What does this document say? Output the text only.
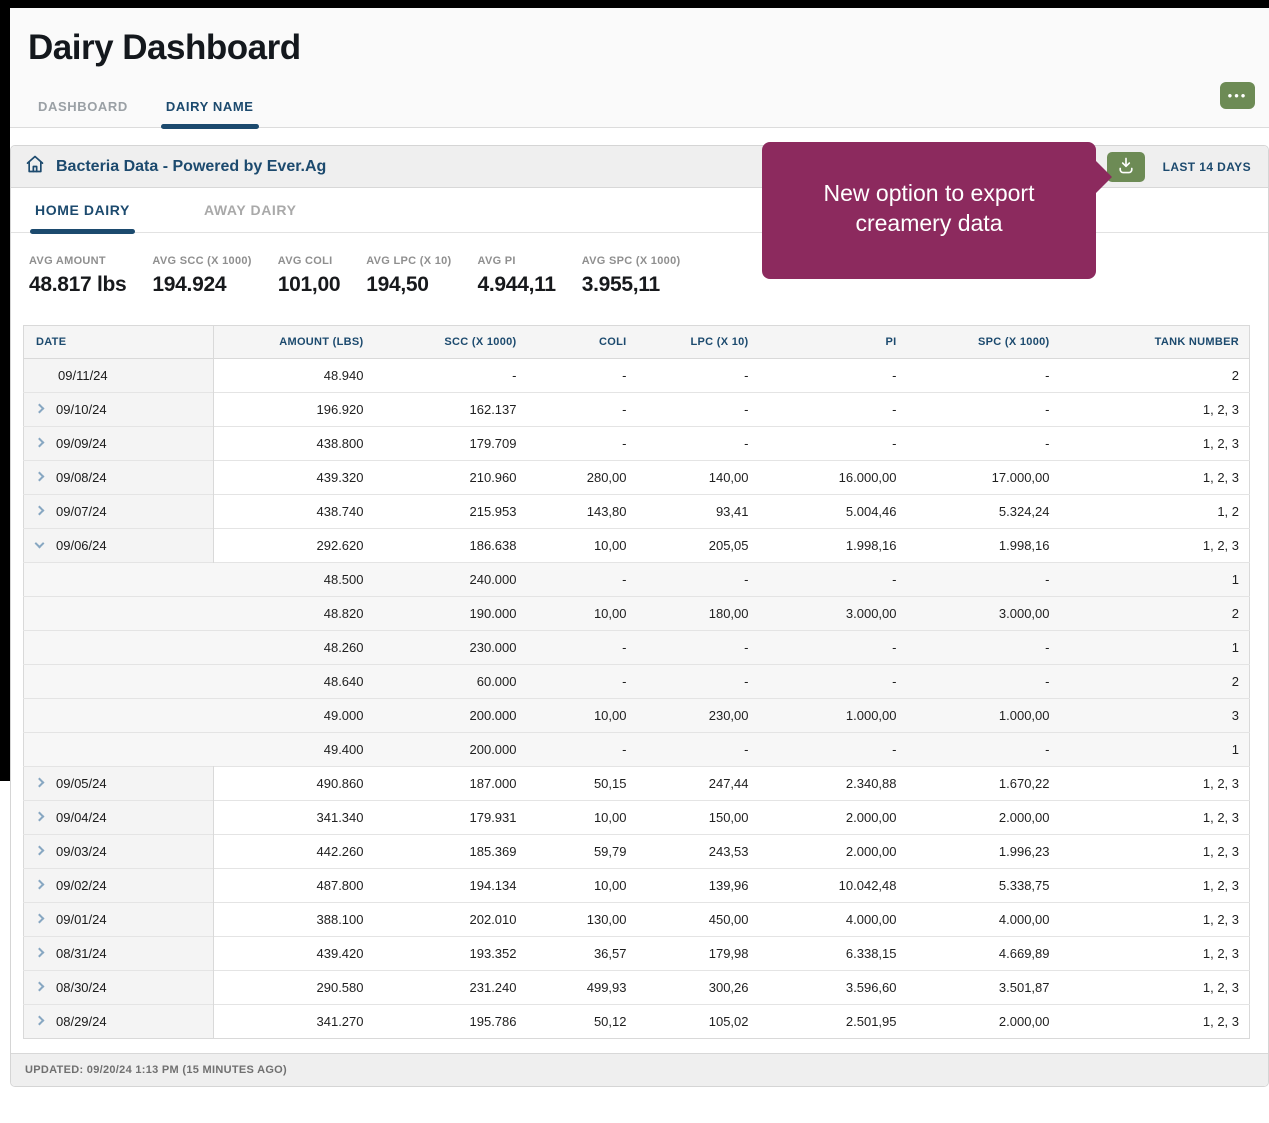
Dairy Dashboard
DASHBOARD	DAIRY NAME
•••
Bacteria Data - Powered by Ever.Ag	LAST 14 DAYS
HOME DAIRY	AWAY DAIRY
AVG AMOUNT
48.817 lbs
AVG SCC (X 1000)
194.924
AVG COLI
101,00
AVG LPC (X 10)
194,50
AVG PI
4.944,11
AVG SPC (X 1000)
3.955,11
DATE	AMOUNT (LBS)	SCC (X 1000)	COLI	LPC (X 10)	PI	SPC (X 1000)	TANK NUMBER
09/11/24	48.940	-	-	-	-	-	2
09/10/24	196.920	162.137	-	-	-	-	1, 2, 3
09/09/24	438.800	179.709	-	-	-	-	1, 2, 3
09/08/24	439.320	210.960	280,00	140,00	16.000,00	17.000,00	1, 2, 3
09/07/24	438.740	215.953	143,80	93,41	5.004,46	5.324,24	1, 2
09/06/24	292.620	186.638	10,00	205,05	1.998,16	1.998,16	1, 2, 3
	48.500	240.000	-	-	-	-	1
	48.820	190.000	10,00	180,00	3.000,00	3.000,00	2
	48.260	230.000	-	-	-	-	1
	48.640	60.000	-	-	-	-	2
	49.000	200.000	10,00	230,00	1.000,00	1.000,00	3
	49.400	200.000	-	-	-	-	1
09/05/24	490.860	187.000	50,15	247,44	2.340,88	1.670,22	1, 2, 3
09/04/24	341.340	179.931	10,00	150,00	2.000,00	2.000,00	1, 2, 3
09/03/24	442.260	185.369	59,79	243,53	2.000,00	1.996,23	1, 2, 3
09/02/24	487.800	194.134	10,00	139,96	10.042,48	5.338,75	1, 2, 3
09/01/24	388.100	202.010	130,00	450,00	4.000,00	4.000,00	1, 2, 3
08/31/24	439.420	193.352	36,57	179,98	6.338,15	4.669,89	1, 2, 3
08/30/24	290.580	231.240	499,93	300,26	3.596,60	3.501,87	1, 2, 3
08/29/24	341.270	195.786	50,12	105,02	2.501,95	2.000,00	1, 2, 3
UPDATED: 09/20/24 1:13 PM (15 MINUTES AGO)
New option to export
creamery data
